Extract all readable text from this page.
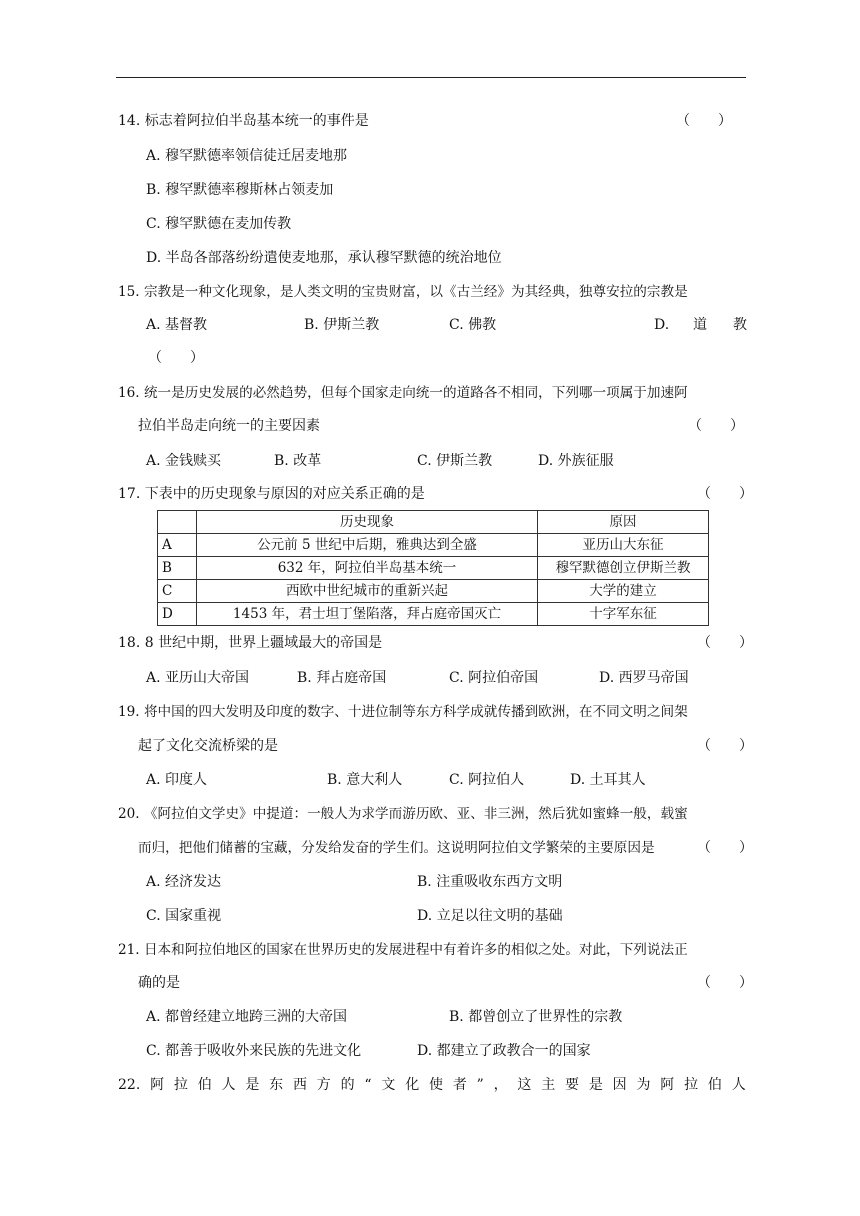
14. 标志着阿拉伯半岛基本统一的事件是	（　　）
A. 穆罕默德率领信徒迁居麦地那
B. 穆罕默德率穆斯林占领麦加
C. 穆罕默德在麦加传教
D. 半岛各部落纷纷遣使麦地那，承认穆罕默德的统治地位
15. 宗教是一种文化现象，是人类文明的宝贵财富，以《古兰经》为其经典，独尊安拉的宗教是
A. 基督教	B. 伊斯兰教	C. 佛教	D. 道 教
（　　）
16. 统一是历史发展的必然趋势，但每个国家走向统一的道路各不相同，下列哪一项属于加速阿
拉伯半岛走向统一的主要因素	（　　）
A. 金钱赎买	B. 改革	C. 伊斯兰教	D. 外族征服
17. 下表中的历史现象与原因的对应关系正确的是	（　　）
	历史现象	原因
A	公元前 5 世纪中后期，雅典达到全盛	亚历山大东征
B	632 年，阿拉伯半岛基本统一	穆罕默德创立伊斯兰教
C	西欧中世纪城市的重新兴起	大学的建立
D	1453 年，君士坦丁堡陷落，拜占庭帝国灭亡	十字军东征
18. 8 世纪中期，世界上疆域最大的帝国是	（　　）
A. 亚历山大帝国	B. 拜占庭帝国	C. 阿拉伯帝国	D. 西罗马帝国
19. 将中国的四大发明及印度的数字、十进位制等东方科学成就传播到欧洲，在不同文明之间架
起了文化交流桥梁的是	（　　）
A. 印度人	B. 意大利人	C. 阿拉伯人	D. 土耳其人
20. 《阿拉伯文学史》中提道：一般人为求学而游历欧、亚、非三洲，然后犹如蜜蜂一般，载蜜
而归，把他们储蓄的宝藏，分发给发奋的学生们。这说明阿拉伯文学繁荣的主要原因是	（　　）
A. 经济发达	B. 注重吸收东西方文明
C. 国家重视	D. 立足以往文明的基础
21. 日本和阿拉伯地区的国家在世界历史的发展进程中有着许多的相似之处。对此，下列说法正
确的是	（　　）
A. 都曾经建立地跨三洲的大帝国	B. 都曾创立了世界性的宗教
C. 都善于吸收外来民族的先进文化	D. 都建立了政教合一的国家
22. 阿 拉 伯 人 是 东 西 方 的 “ 文 化 使 者 ” ， 这 主 要 是 因 为 阿 拉 伯 人
